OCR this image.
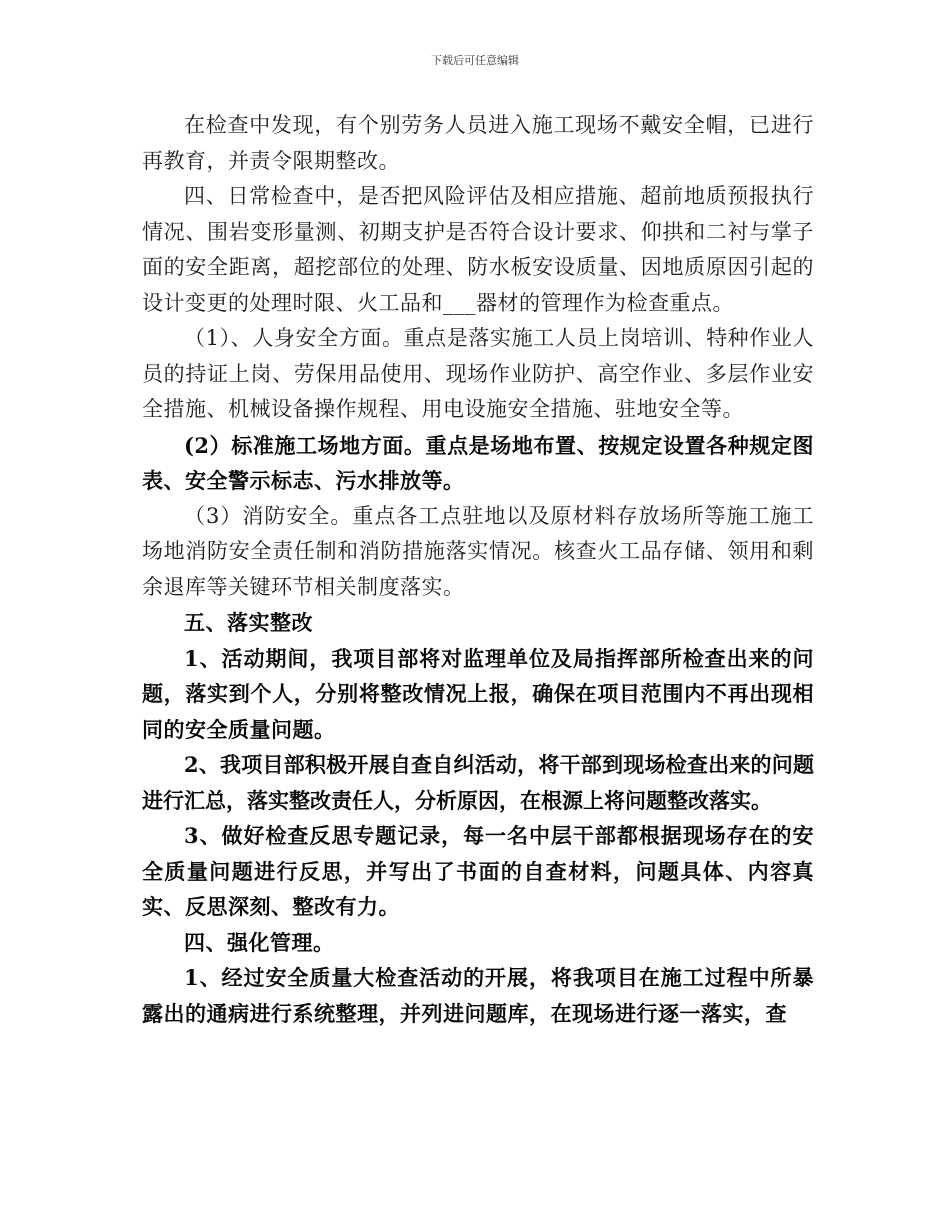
下载后可任意编辑

在检查中发现，有个别劳务人员进入施工现场不戴安全帽，已进行再教育，并责令限期整改。

四、日常检查中，是否把风险评估及相应措施、超前地质预报执行情况、围岩变形量测、初期支护是否符合设计要求、仰拱和二衬与掌子面的安全距离，超挖部位的处理、防水板安设质量、因地质原因引起的设计变更的处理时限、火工品和___器材的管理作为检查重点。

（1）、人身安全方面。重点是落实施工人员上岗培训、特种作业人员的持证上岗、劳保用品使用、现场作业防护、高空作业、多层作业安全措施、机械设备操作规程、用电设施安全措施、驻地安全等。

(2）标准施工场地方面。重点是场地布置、按规定设置各种规定图表、安全警示标志、污水排放等。

（3）消防安全。重点各工点驻地以及原材料存放场所等施工施工场地消防安全责任制和消防措施落实情况。核查火工品存储、领用和剩余退库等关键环节相关制度落实。

五、落实整改

1、活动期间，我项目部将对监理单位及局指挥部所检查出来的问题，落实到个人，分别将整改情况上报，确保在项目范围内不再出现相同的安全质量问题。

2、我项目部积极开展自查自纠活动，将干部到现场检查出来的问题进行汇总，落实整改责任人，分析原因，在根源上将问题整改落实。

3、做好检查反思专题记录，每一名中层干部都根据现场存在的安全质量问题进行反思，并写出了书面的自查材料，问题具体、内容真实、反思深刻、整改有力。

四、强化管理。

1、经过安全质量大检查活动的开展，将我项目在施工过程中所暴露出的通病进行系统整理，并列进问题库，在现场进行逐一落实，查
